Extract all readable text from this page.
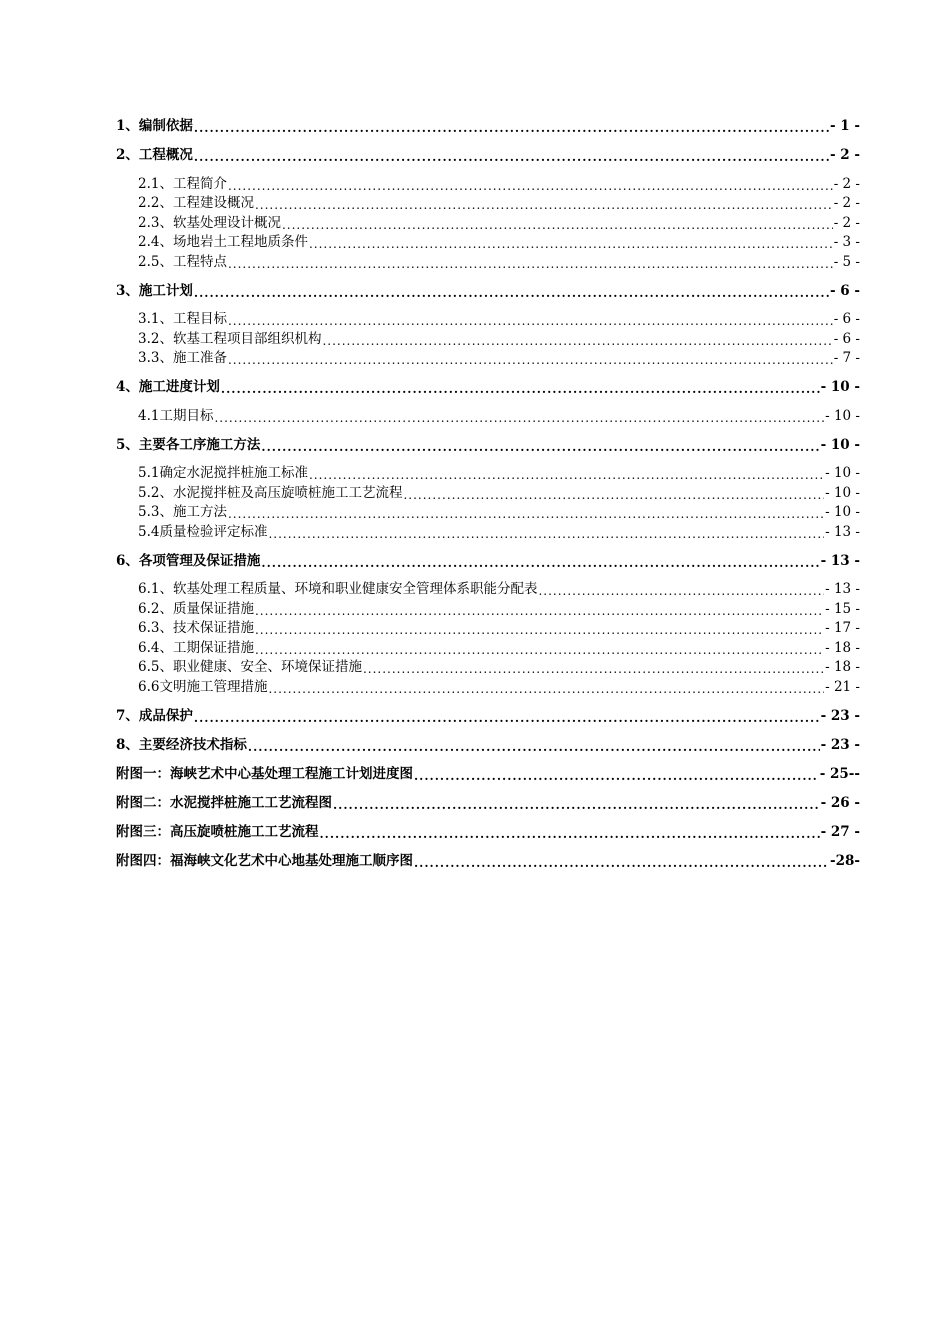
1、编制依据 .....	- 1 -
2、工程概况 .....	- 2 -
2.1、工程简介 .....	- 2 -
2.2、工程建设概况 .....	- 2 -
2.3、软基处理设计概况 .....	- 2 -
2.4、场地岩土工程地质条件 .....	- 3 -
2.5、工程特点 .....	- 5 -
3、施工计划 .....	- 6 -
3.1、工程目标 .....	- 6 -
3.2、软基工程项目部组织机构 .....	- 6 -
3.3、施工准备 .....	- 7 -
4、施工进度计划 .....	- 10 -
4.1工期目标 .....	- 10 -
5、主要各工序施工方法 .....	- 10 -
5.1确定水泥搅拌桩施工标准 .....	- 10 -
5.2、水泥搅拌桩及高压旋喷桩施工工艺流程 .....	- 10 -
5.3、施工方法 .....	- 10 -
5.4质量检验评定标准 .....	- 13 -
6、各项管理及保证措施 .....	- 13 -
6.1、软基处理工程质量、环境和职业健康安全管理体系职能分配表 .....	- 13 -
6.2、质量保证措施 .....	- 15 -
6.3、技术保证措施 .....	- 17 -
6.4、工期保证措施 .....	- 18 -
6.5、职业健康、安全、环境保证措施 .....	- 18 -
6.6文明施工管理措施 .....	- 21 -
7、成品保护 .....	- 23 -
8、主要经济技术指标 .....	- 23 -
附图一：海峡艺术中心基处理工程施工计划进度图 .....	- 25--
附图二：水泥搅拌桩施工工艺流程图 .....	- 26 -
附图三：高压旋喷桩施工工艺流程 .....	- 27 -
附图四：福海峡文化艺术中心地基处理施工顺序图 .....	-28-
